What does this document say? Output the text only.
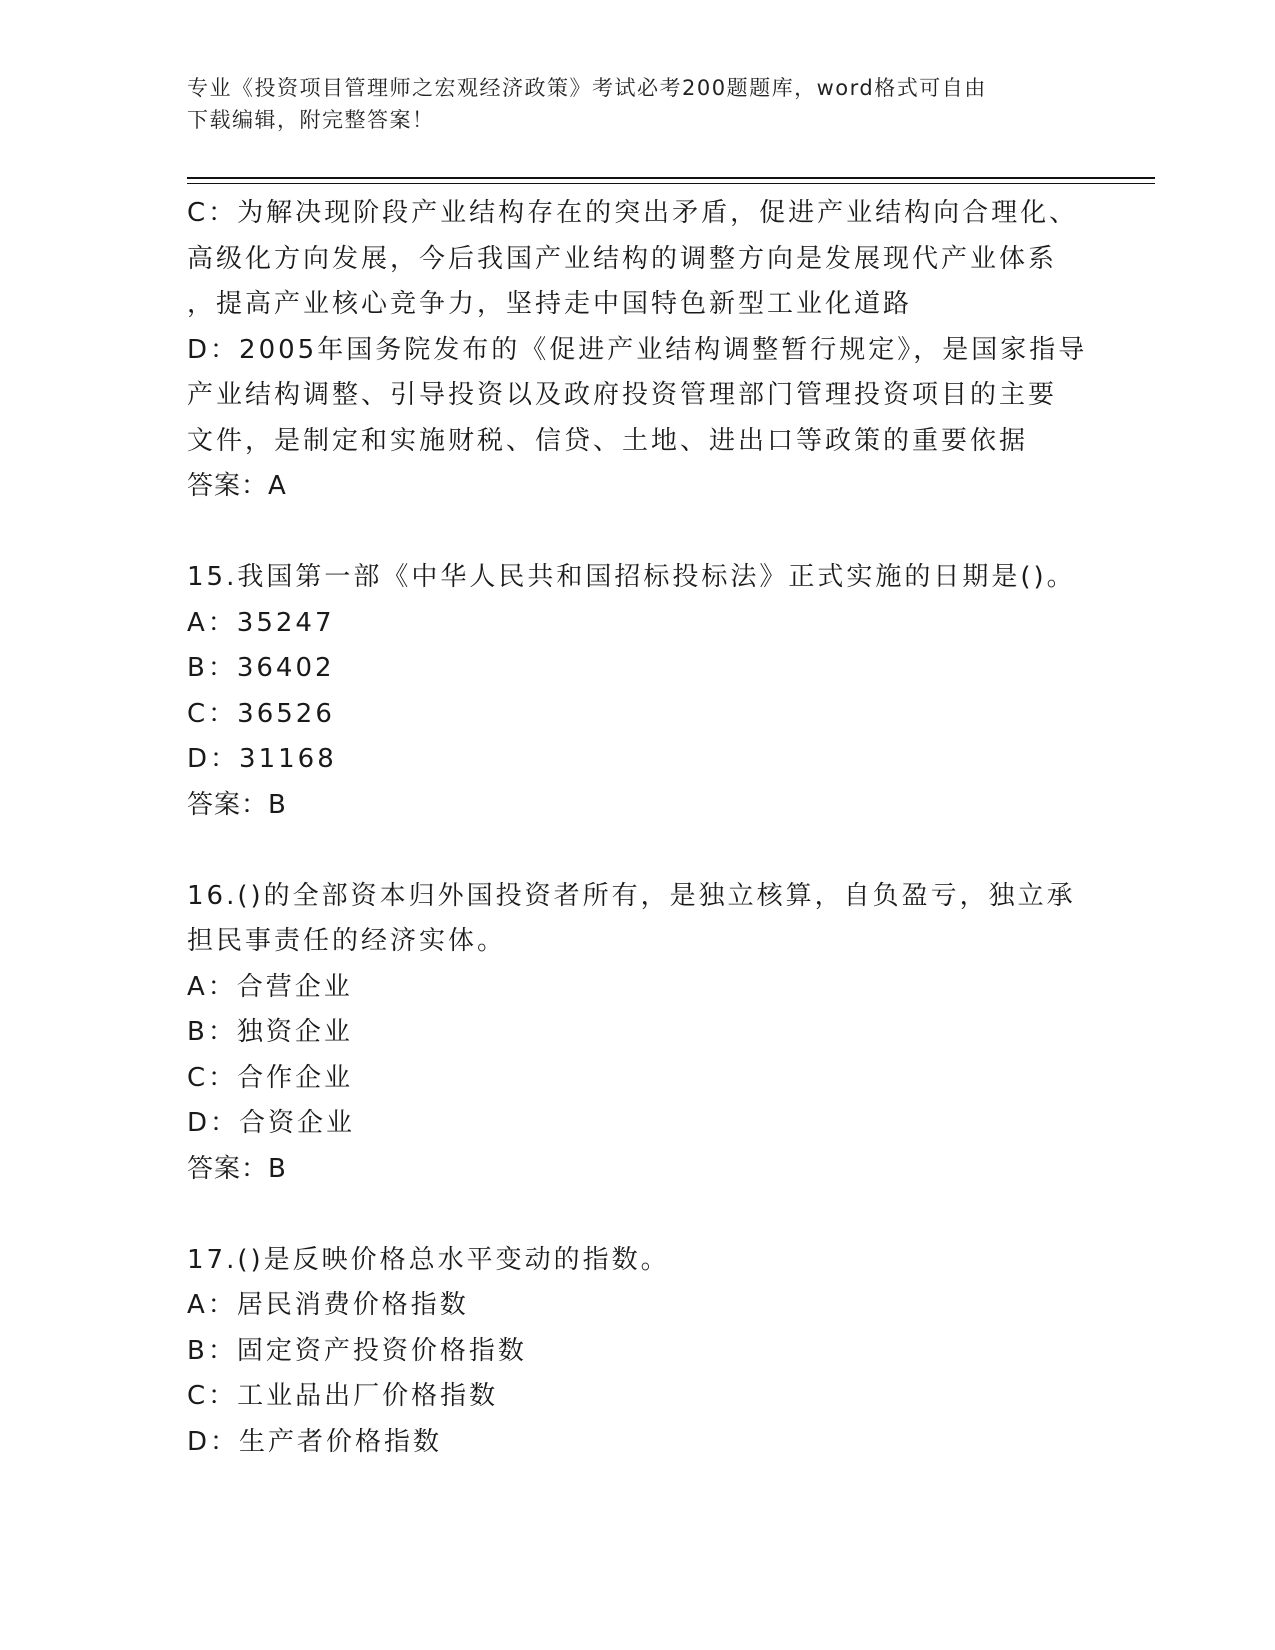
专业《投资项目管理师之宏观经济政策》考试必考200题题库，word格式可自由
下载编辑，附完整答案！
C：为解决现阶段产业结构存在的突出矛盾，促进产业结构向合理化、
高级化方向发展，今后我国产业结构的调整方向是发展现代产业体系
，提高产业核心竞争力，坚持走中国特色新型工业化道路
D：2005年国务院发布的《促进产业结构调整暂行规定》，是国家指导
产业结构调整、引导投资以及政府投资管理部门管理投资项目的主要
文件，是制定和实施财税、信贷、土地、进出口等政策的重要依据
答案：A
15.我国第一部《中华人民共和国招标投标法》正式实施的日期是()。
A：35247
B：36402
C：36526
D：31168
答案：B
16.()的全部资本归外国投资者所有，是独立核算，自负盈亏，独立承
担民事责任的经济实体。
A：合营企业
B：独资企业
C：合作企业
D：合资企业
答案：B
17.()是反映价格总水平变动的指数。
A：居民消费价格指数
B：固定资产投资价格指数
C：工业品出厂价格指数
D：生产者价格指数
